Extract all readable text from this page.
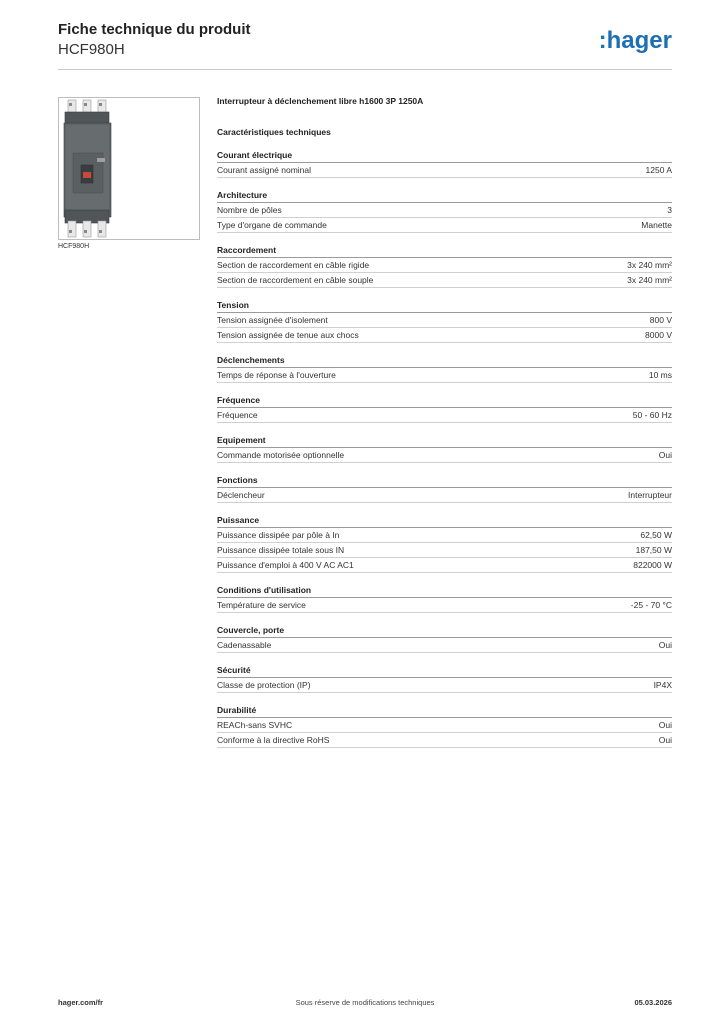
Fiche technique du produit
HCF980H	:hager
HCF980H
Interrupteur à déclenchement libre h1600 3P 1250A
Caractéristiques techniques
Courant électrique
Courant assigné nominal	1250 A
Architecture
Nombre de pôles	3
Type d'organe de commande	Manette
Raccordement
Section de raccordement en câble rigide	3x 240 mm²
Section de raccordement en câble souple	3x 240 mm²
Tension
Tension assignée d'isolement	800 V
Tension assignée de tenue aux chocs	8000 V
Déclenchements
Temps de réponse à l'ouverture	10 ms
Fréquence
Fréquence	50 - 60 Hz
Equipement
Commande motorisée optionnelle	Oui
Fonctions
Déclencheur	Interrupteur
Puissance
Puissance dissipée par pôle à In	62,50 W
Puissance dissipée totale sous IN	187,50 W
Puissance d'emploi à 400 V AC AC1	822000 W
Conditions d'utilisation
Température de service	-25 - 70 °C
Couvercle, porte
Cadenassable	Oui
Sécurité
Classe de protection (IP)	IP4X
Durabilité
REACh-sans SVHC	Oui
Conforme à la directive RoHS	Oui
hager.com/fr	Sous réserve de modifications techniques	05.03.2026
